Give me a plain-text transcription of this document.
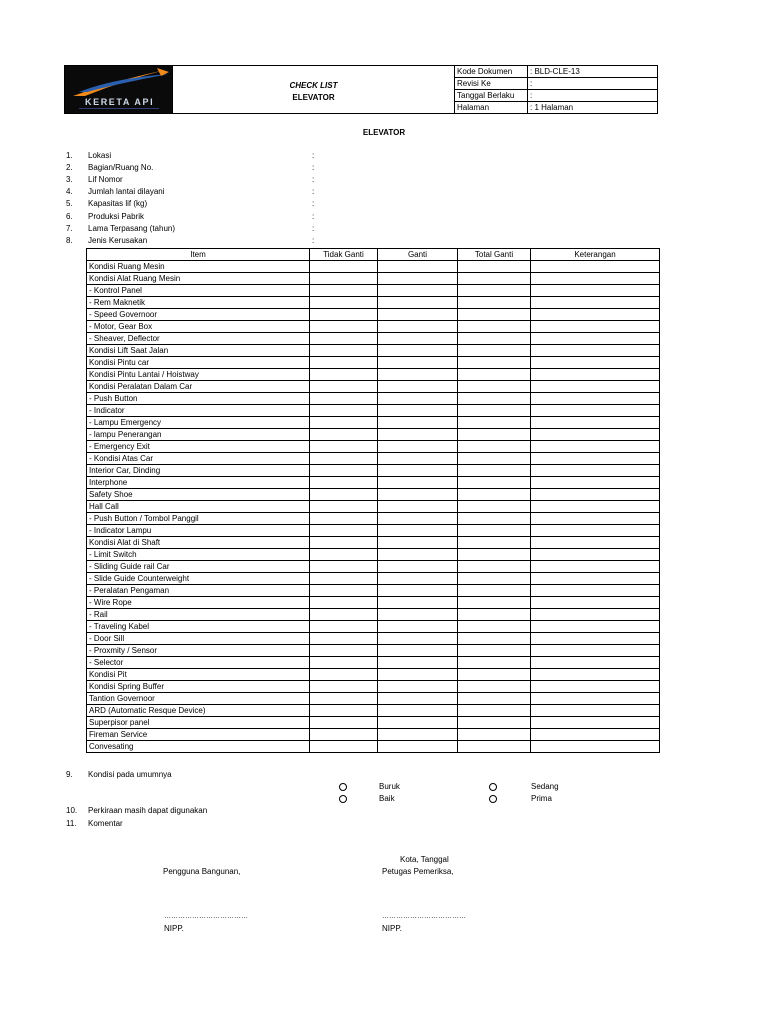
KERETA API
CHECK LIST
ELEVATOR
Kode Dokumen	: BLD-CLE-13
Revisi Ke	:
Tanggal Berlaku	:
Halaman	: 1 Halaman
ELEVATOR
1.	Lokasi	:
2.	Bagian/Ruang No.	:
3.	Lif Nomor	:
4.	Jumlah lantai dilayani	:
5.	Kapasitas lif (kg)	:
6.	Produksi Pabrik	:
7.	Lama Terpasang (tahun)	:
8.	Jenis Kerusakan	:
Item	Tidak Ganti	Ganti	Total Ganti	Keterangan
Kondisi Ruang Mesin				
Kondisi Alat Ruang Mesin				
- Kontrol Panel				
- Rem Maknetik				
- Speed Governoor				
- Motor, Gear Box				
- Sheaver, Deflector				
Kondisi Lift Saat Jalan				
Kondisi Pintu car				
Kondisi Pintu Lantai / Hoistway				
Kondisi Peralatan Dalam Car				
- Push Button				
- Indicator				
- Lampu Emergency				
- lampu Penerangan				
- Emergency Exit				
- Kondisi Atas Car				
Interior Car, Dinding				
Interphone				
Safety Shoe				
Hall Call				
- Push Button / Tombol Panggil				
- Indicator Lampu				
Kondisi Alat di Shaft				
- Limit Switch				
- Sliding Guide rail Car				
- Slide Guide Counterweight				
- Peralatan Pengaman				
- Wire Rope				
- Rail				
- Traveling Kabel				
- Door Sill				
- Proxmity / Sensor				
- Selector				
Kondisi Pit				
Kondisi Spring Buffer				
Tantion Governoor				
ARD (Automatic Resque Device)				
Superpisor panel				
Fireman Service				
Convesating				
9. Kondisi pada umumnya
Buruk
Baik
Sedang
Prima
10. Perkiraan masih dapat digunakan
11. Komentar
Kota, Tanggal
Pengguna Bangunan,	Petugas Pemeriksa,
………………………………	………………………………
NIPP.	NIPP.
